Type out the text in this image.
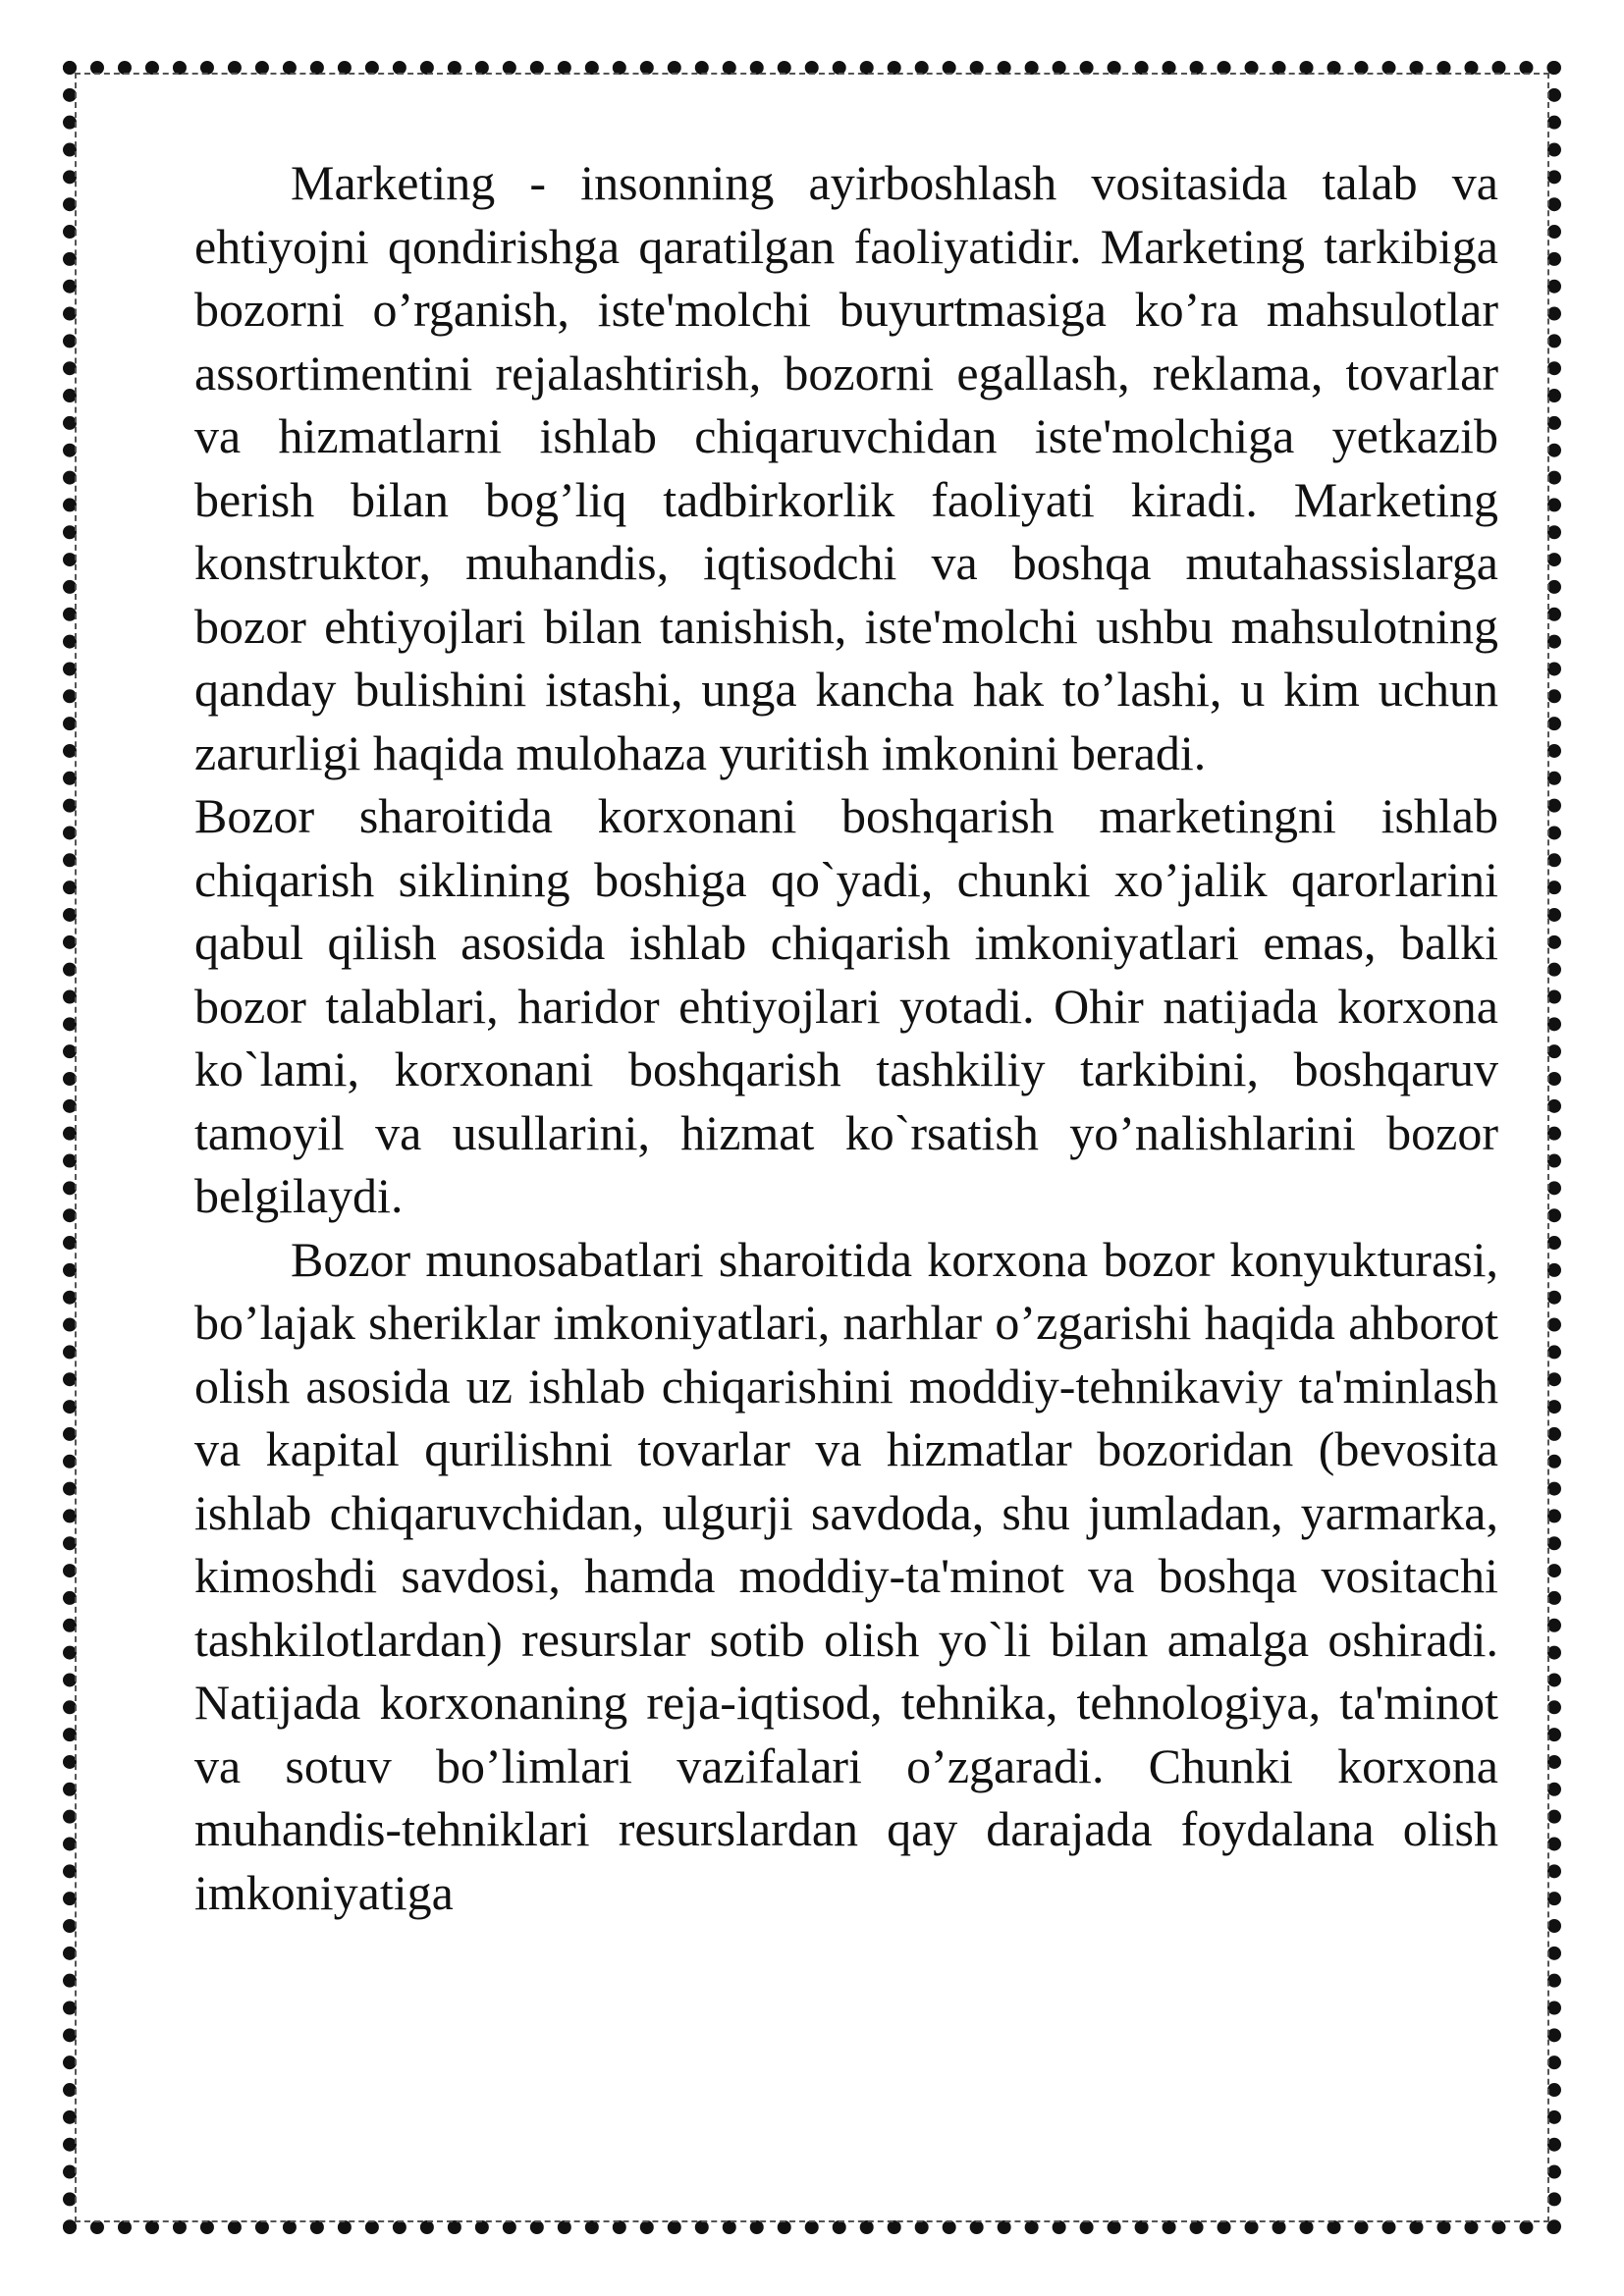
Marketing - insonning ayirboshlash vositasida talab va ehtiyojni qondirishga qaratilgan faoliyatidir. Marketing tarkibiga bozorni o’rganish, iste'molchi buyurtmasiga ko’ra mahsulotlar assortimentini rejalashtirish, bozorni egallash, reklama, tovarlar va hizmatlarni ishlab chiqaruvchidan iste'molchiga yetkazib berish bilan bog’liq tadbirkorlik faoliyati kiradi. Marketing konstruktor, muhandis, iqtisodchi va boshqa mutahassislarga bozor ehtiyojlari bilan tanishish, iste'molchi ushbu mahsulotning qanday bulishini istashi, unga kancha hak to’lashi, u kim uchun zarurligi haqida mulohaza yuritish imkonini beradi.

Bozor sharoitida korxonani boshqarish marketingni ishlab chiqarish siklining boshiga qo`yadi, chunki xo’jalik qarorlarini qabul qilish asosida ishlab chiqarish imkoniyatlari emas, balki bozor talablari, haridor ehtiyojlari yotadi. Ohir natijada korxona ko`lami, korxonani boshqarish tashkiliy tarkibini, boshqaruv tamoyil va usullarini, hizmat ko`rsatish yo’nalishlarini bozor belgilaydi.

Bozor munosabatlari sharoitida korxona bozor konyukturasi, bo’lajak sheriklar imkoniyatlari, narhlar o’zgarishi haqida ahborot olish asosida uz ishlab chiqarishini moddiy-tehnikaviy ta'minlash va kapital qurilishni tovarlar va hizmatlar bozoridan (bevosita ishlab chiqaruvchidan, ulgurji savdoda, shu jumladan, yarmarka, kimoshdi savdosi, hamda moddiy-ta'minot va boshqa vositachi tashkilotlardan) resurslar sotib olish yo`li bilan amalga oshiradi. Natijada korxonaning reja-iqtisod, tehnika, tehnologiya, ta'minot va sotuv bo’limlari vazifalari o’zgaradi. Chunki korxona muhandis-tehniklari resurslardan qay darajada foydalana olish imkoniyatiga
